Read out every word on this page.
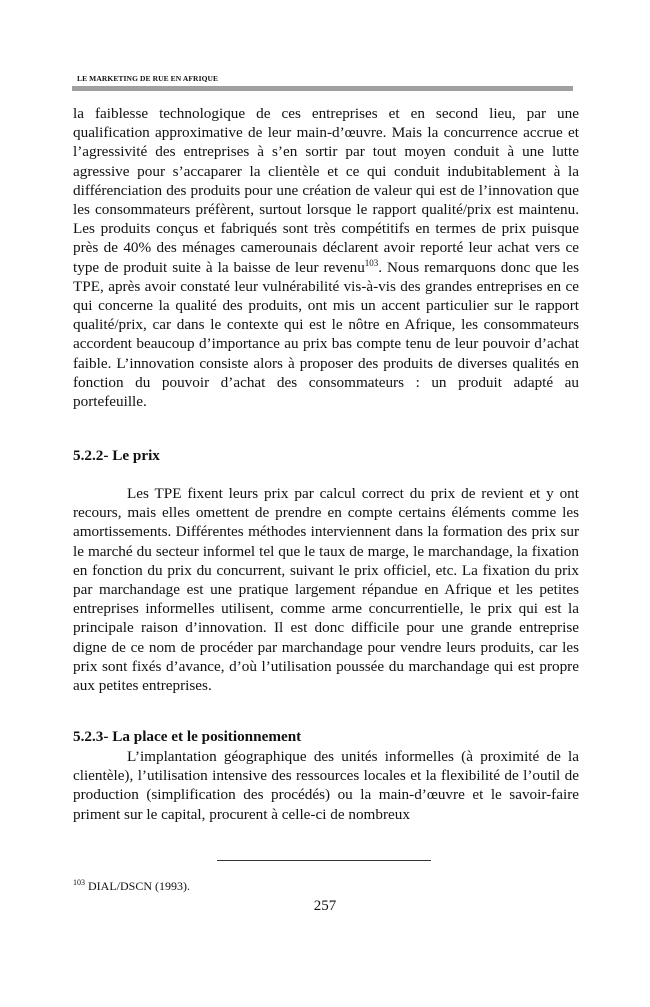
LE MARKETING DE RUE EN AFRIQUE

la faiblesse technologique de ces entreprises et en second lieu, par une qualification approximative de leur main-d’œuvre. Mais la concurrence accrue et l’agressivité des entreprises à s’en sortir par tout moyen conduit à une lutte agressive pour s’accaparer la clientèle et ce qui conduit indubitablement à la différenciation des produits pour une création de valeur qui est de l’innovation que les consommateurs préfèrent, surtout lorsque le rapport qualité/prix est maintenu. Les produits conçus et fabriqués sont très compétitifs en termes de prix puisque près de 40% des ménages camerounais déclarent avoir reporté leur achat vers ce type de produit suite à la baisse de leur revenu$^{103}$. Nous remarquons donc que les TPE, après avoir constaté leur vulnérabilité vis-à-vis des grandes entreprises en ce qui concerne la qualité des produits, ont mis un accent particulier sur le rapport qualité/prix, car dans le contexte qui est le nôtre en Afrique, les consommateurs accordent beaucoup d’importance au prix bas compte tenu de leur pouvoir d’achat faible. L’innovation consiste alors à proposer des produits de diverses qualités en fonction du pouvoir d’achat des consommateurs : un produit adapté au portefeuille.

5.2.2- Le prix

Les TPE fixent leurs prix par calcul correct du prix de revient et y ont recours, mais elles omettent de prendre en compte certains éléments comme les amortissements. Différentes méthodes interviennent dans la formation des prix sur le marché du secteur informel tel que le taux de marge, le marchandage, la fixation en fonction du prix du concurrent, suivant le prix officiel, etc. La fixation du prix par marchandage est une pratique largement répandue en Afrique et les petites entreprises informelles utilisent, comme arme concurrentielle, le prix qui est la principale raison d’innovation. Il est donc difficile pour une grande entreprise digne de ce nom de procéder par marchandage pour vendre leurs produits, car les prix sont fixés d’avance, d’où l’utilisation poussée du marchandage qui est propre aux petites entreprises.

5.2.3- La place et le positionnement

L’implantation géographique des unités informelles (à proximité de la clientèle), l’utilisation intensive des ressources locales et la flexibilité de l’outil de production (simplification des procédés) ou la main-d’œuvre et le savoir-faire priment sur le capital, procurent à celle-ci de nombreux

$^{103}$ DIAL/DSCN (1993).
257
